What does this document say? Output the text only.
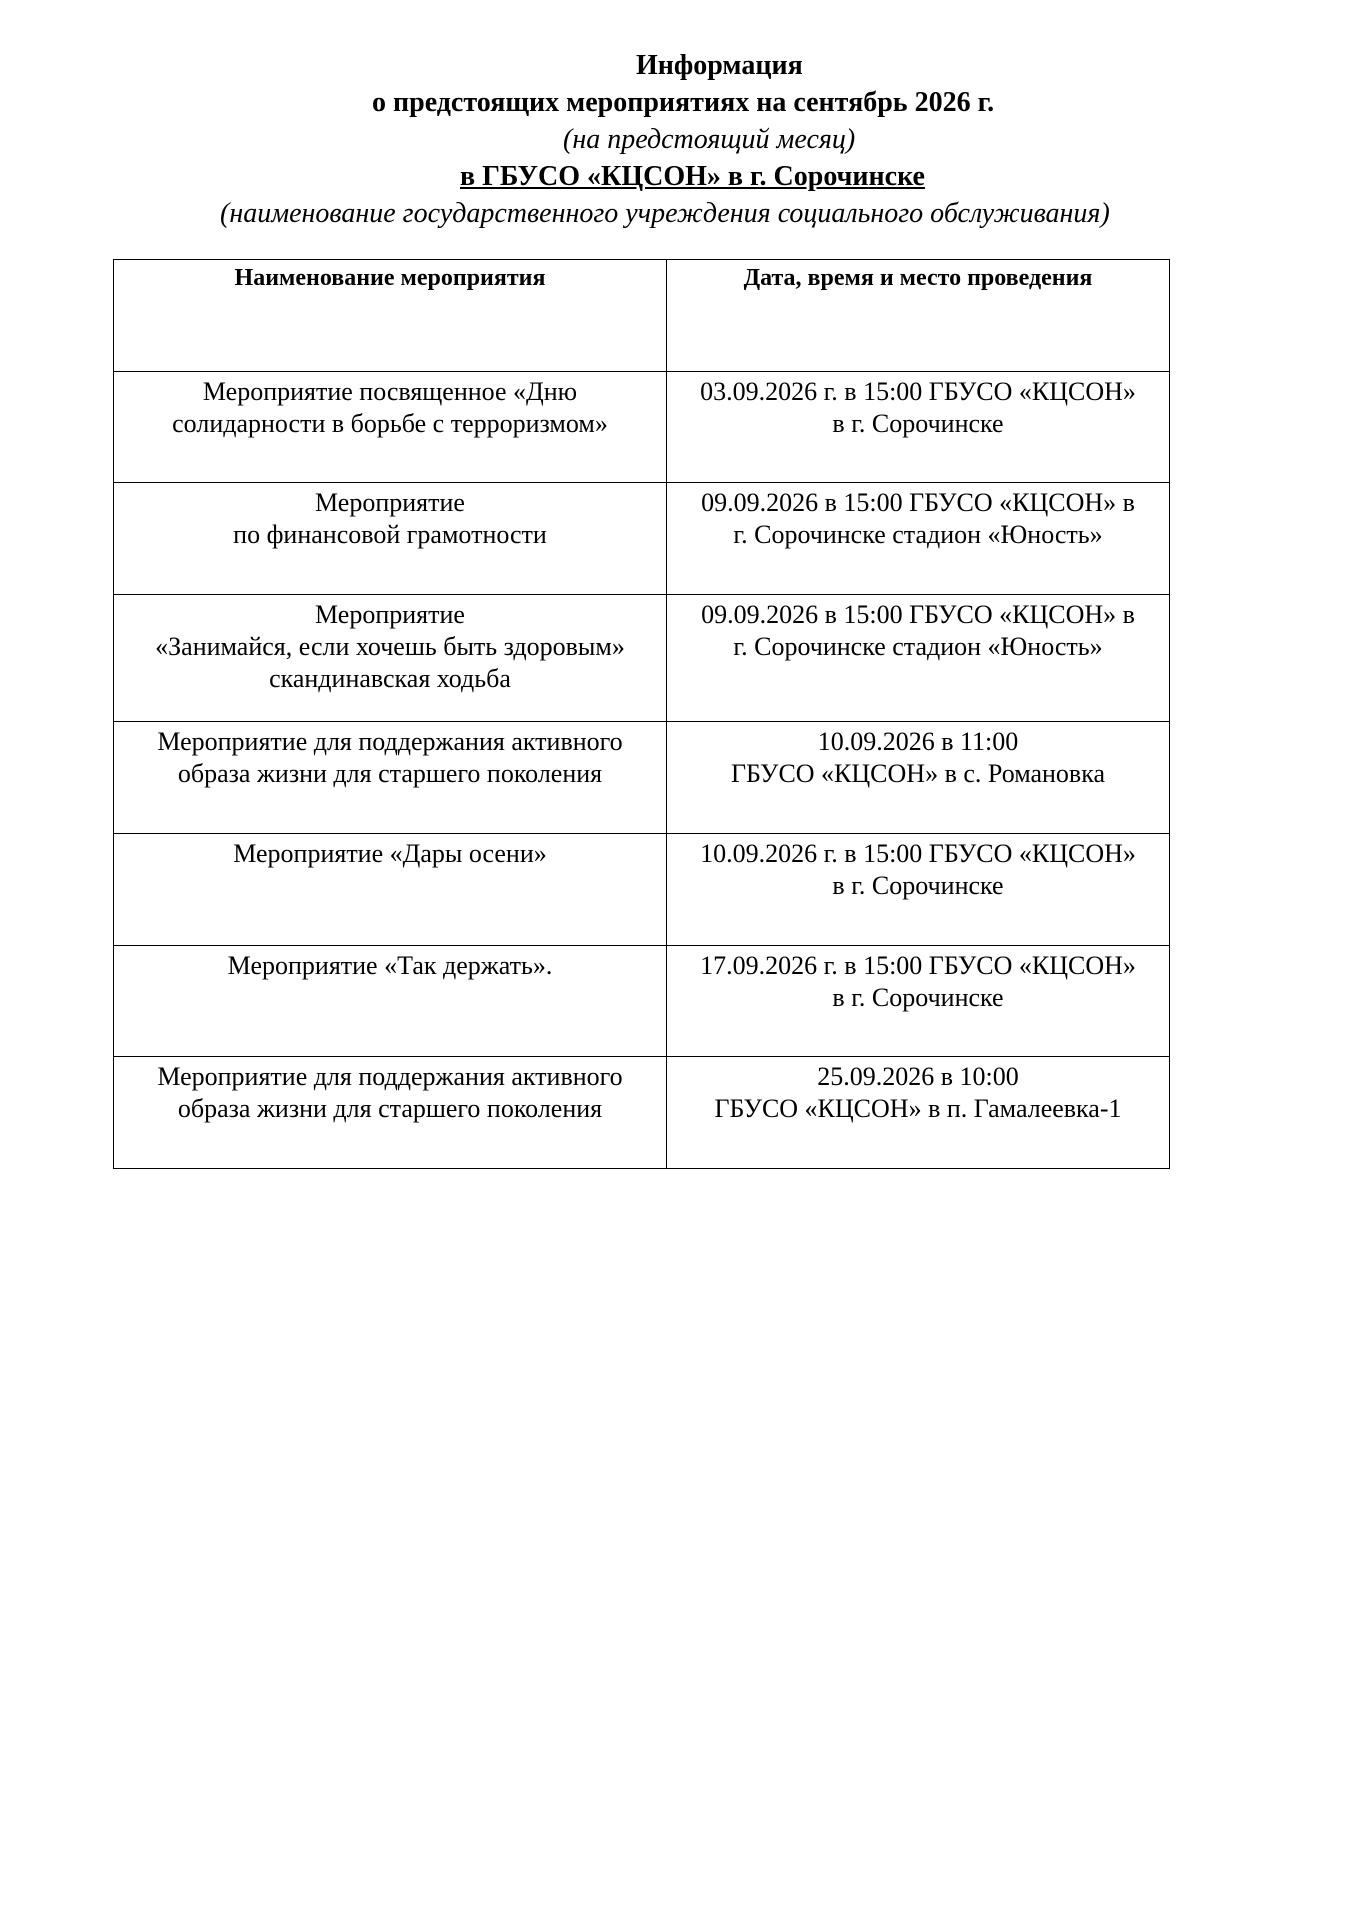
Информация
о предстоящих мероприятиях на сентябрь 2026 г.
(на предстоящий месяц)
в ГБУСО «КЦСОН» в г. Сорочинске
(наименование государственного учреждения социального обслуживания)
Наименование мероприятия	Дата, время и место проведения

Мероприятие посвященное «Дню
солидарности в борьбе с терроризмом»	03.09.2026 г. в 15:00 ГБУСО «КЦСОН»
в г. Сорочинске

Мероприятие
по финансовой грамотности	09.09.2026 в 15:00 ГБУСО «КЦСОН» в
г. Сорочинске стадион «Юность»

Мероприятие
«Занимайся, если хочешь быть здоровым»
скандинавская ходьба	09.09.2026 в 15:00 ГБУСО «КЦСОН» в
г. Сорочинске стадион «Юность»

Мероприятие для поддержания активного
образа жизни для старшего поколения	10.09.2026 в 11:00
ГБУСО «КЦСОН» в с. Романовка

Мероприятие «Дары осени»	10.09.2026 г. в 15:00 ГБУСО «КЦСОН»
в г. Сорочинске

Мероприятие «Так держать».	17.09.2026 г. в 15:00 ГБУСО «КЦСОН»
в г. Сорочинске

Мероприятие для поддержания активного
образа жизни для старшего поколения	25.09.2026 в 10:00
ГБУСО «КЦСОН» в п. Гамалеевка-1
